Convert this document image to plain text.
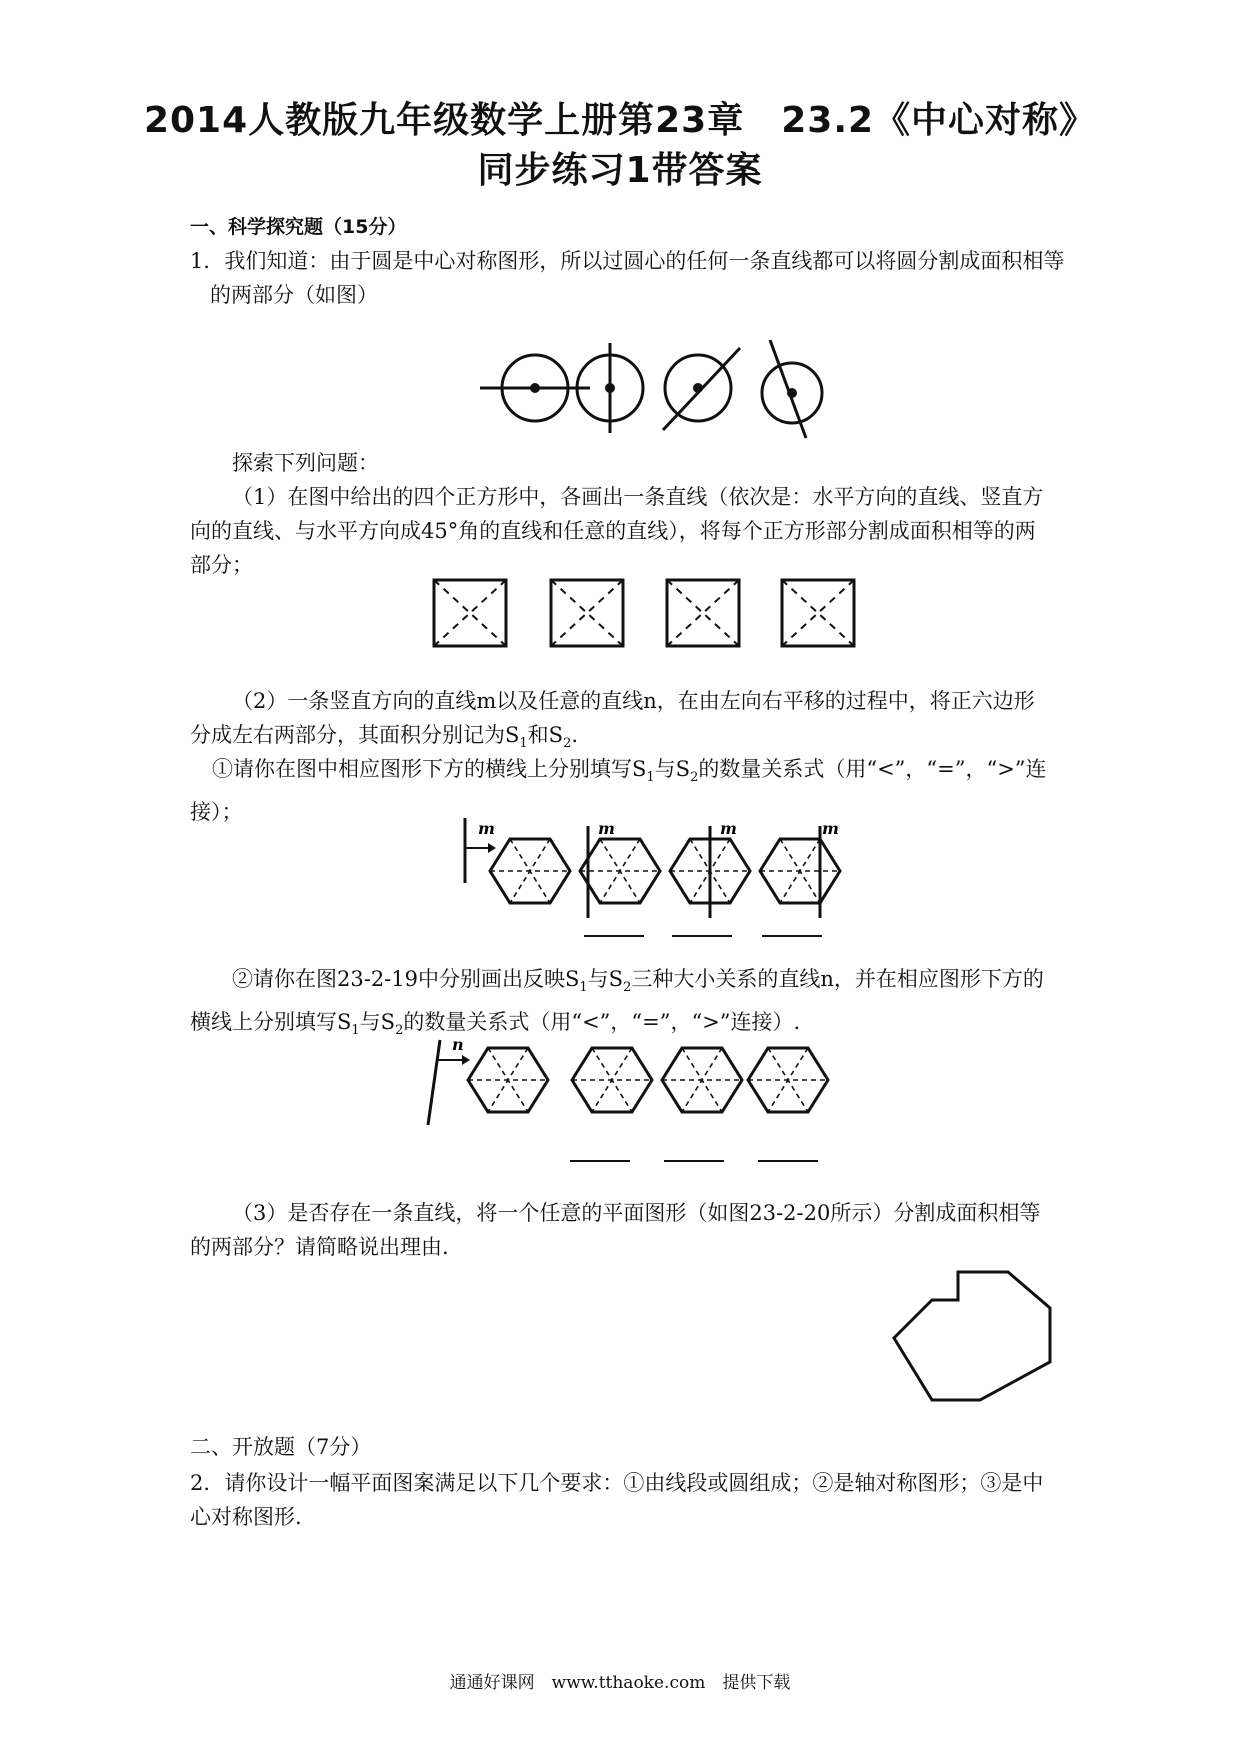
2014人教版九年级数学上册第23章　23.2《中心对称》
同步练习1带答案
一、科学探究题（15分）
1．我们知道：由于圆是中心对称图形，所以过圆心的任何一条直线都可以将圆分割成面积相等的两部分（如图）
探索下列问题：
（1）在图中给出的四个正方形中，各画出一条直线（依次是：水平方向的直线、竖直方向的直线、与水平方向成45°角的直线和任意的直线），将每个正方形部分割成面积相等的两部分；
（2）一条竖直方向的直线m以及任意的直线n，在由左向右平移的过程中，将正六边形分成左右两部分，其面积分别记为$S_1$和$S_2$.
①请你在图中相应图形下方的横线上分别填写$S_1$与$S_2$的数量关系式（用“<”，“=”，“>”连接）；
m	m	m	m
②请你在图23-2-19中分别画出反映$S_1$与$S_2$三种大小关系的直线n，并在相应图形下方的横线上分别填写$S_1$与$S_2$的数量关系式（用“<”，“=”，“>”连接）.
n
（3）是否存在一条直线，将一个任意的平面图形（如图23-2-20所示）分割成面积相等的两部分？请简略说出理由.
二、开放题（7分）
2．请你设计一幅平面图案满足以下几个要求：①由线段或圆组成；②是轴对称图形；③是中心对称图形.
通通好课网　www.tthaoke.com　提供下载
